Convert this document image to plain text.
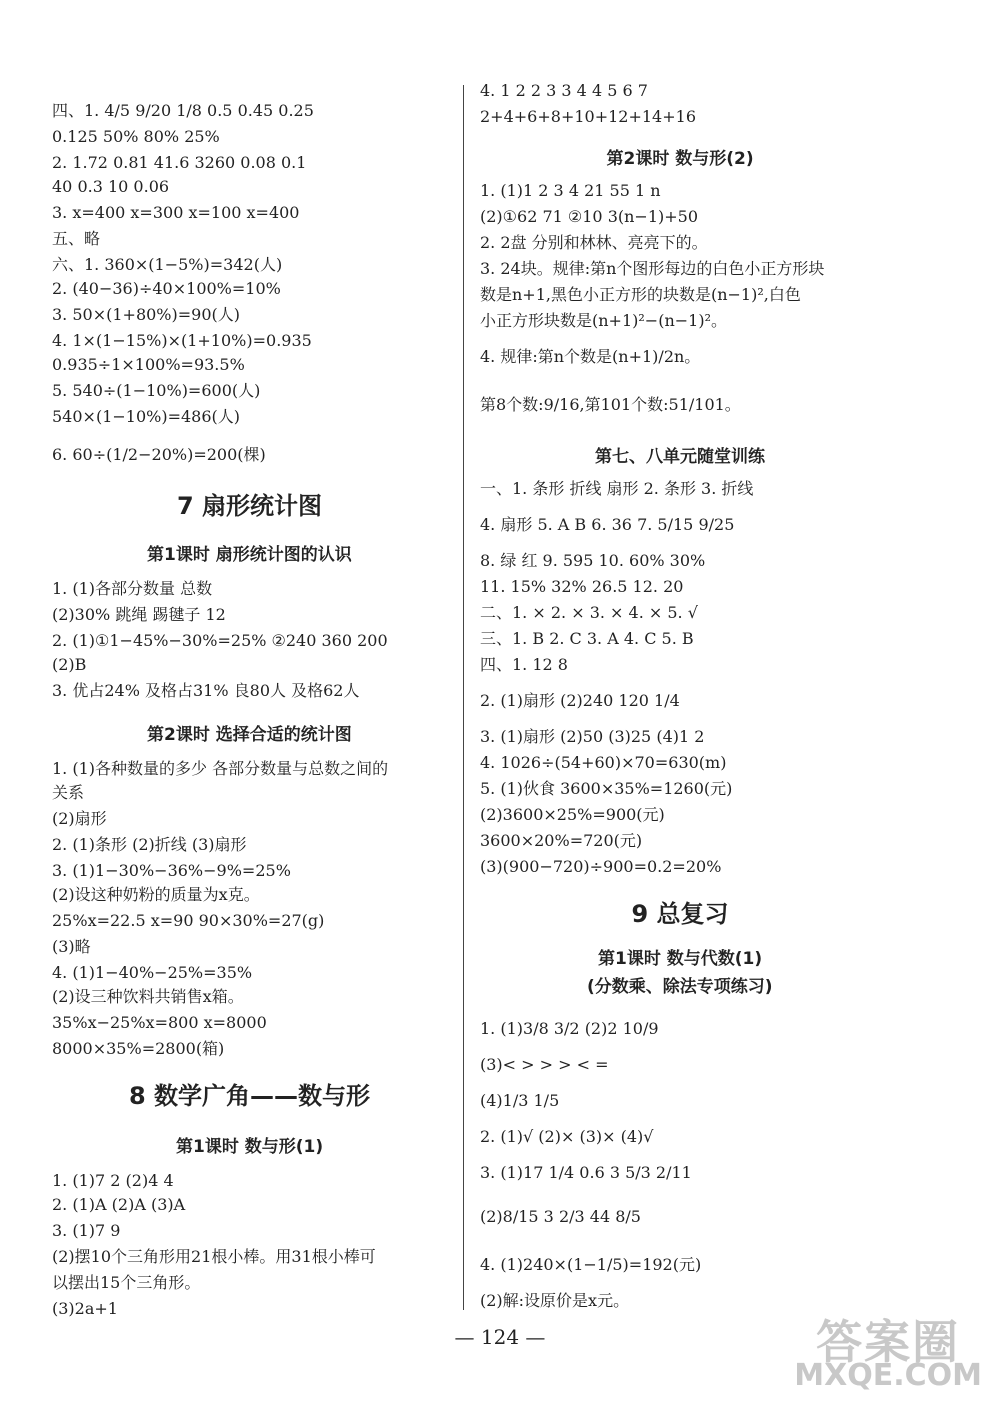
7 扇形统计图
第1课时 扇形统计图的认识
第2课时 选择合适的统计图
8 数学广角——数与形
第1课时 数与形(1)
四、1. 4/5 9/20 1/8 0.5 0.45 0.25
0.125 50% 80% 25%
2. 1.72 0.81 41.6 3260 0.08 0.1
40 0.3 10 0.06
3. x=400 x=300 x=100 x=400
五、略
六、1. 360×(1−5%)=342(人)
2. (40−36)÷40×100%=10%
3. 50×(1+80%)=90(人)
4. 1×(1−15%)×(1+10%)=0.935
0.935÷1×100%=93.5%
5. 540÷(1−10%)=600(人)
540×(1−10%)=486(人)
6. 60÷(1/2−20%)=200(棵)
1. (1)各部分数量 总数
(2)30% 跳绳 踢毽子 12
2. (1)①1−45%−30%=25% ②240 360 200
(2)B
3. 优占24% 及格占31% 良80人 及格62人
1. (1)各种数量的多少 各部分数量与总数之间的
关系
(2)扇形
2. (1)条形 (2)折线 (3)扇形
3. (1)1−30%−36%−9%=25%
(2)设这种奶粉的质量为x克。
25%x=22.5 x=90 90×30%=27(g)
(3)略
4. (1)1−40%−25%=35%
(2)设三种饮料共销售x箱。
35%x−25%x=800 x=8000
8000×35%=2800(箱)
1. (1)7 2 (2)4 4
2. (1)A (2)A (3)A
3. (1)7 9
(2)摆10个三角形用21根小棒。用31根小棒可
以摆出15个三角形。
(3)2a+1
第2课时 数与形(2)
第七、八单元随堂训练
9 总复习
第1课时 数与代数(1)
(分数乘、除法专项练习)
4. 1 2 2 3 3 4 4 5 6 7
2+4+6+8+10+12+14+16
1. (1)1 2 3 4 21 55 1 n
(2)①62 71 ②10 3(n−1)+50
2. 2盘 分别和林林、亮亮下的。
3. 24块。规律:第n个图形每边的白色小正方形块
数是n+1,黑色小正方形的块数是(n−1)²,白色
小正方形块数是(n+1)²−(n−1)²。
4. 规律:第n个数是(n+1)/2n。
第8个数:9/16,第101个数:51/101。
一、1. 条形 折线 扇形 2. 条形 3. 折线
4. 扇形 5. A B 6. 36 7. 5/15 9/25
8. 绿 红 9. 595 10. 60% 30%
11. 15% 32% 26.5 12. 20
二、1. × 2. × 3. × 4. × 5. √
三、1. B 2. C 3. A 4. C 5. B
四、1. 12 8
2. (1)扇形 (2)240 120 1/4
3. (1)扇形 (2)50 (3)25 (4)1 2
4. 1026÷(54+60)×70=630(m)
5. (1)伙食 3600×35%=1260(元)
(2)3600×25%=900(元)
3600×20%=720(元)
(3)(900−720)÷900=0.2=20%
1. (1)3/8 3/2 (2)2 10/9
(3)< > > > < =
(4)1/3 1/5
2. (1)√ (2)× (3)× (4)√
3. (1)17 1/4 0.6 3 5/3 2/11
(2)8/15 3 2/3 44 8/5
4. (1)240×(1−1/5)=192(元)
(2)解:设原价是x元。
— 124 —	答案圈
MXQE.COM
